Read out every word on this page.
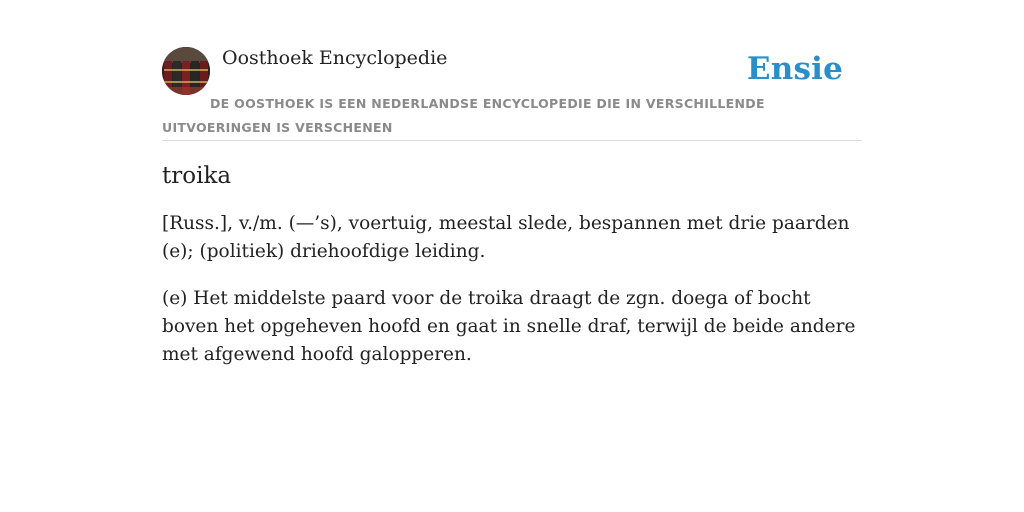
Oosthoek Encyclopedie	Ensie
DE OOSTHOEK IS EEN NEDERLANDSE ENCYCLOPEDIE DIE IN VERSCHILLENDE UITVOERINGEN IS VERSCHENEN
troika

[Russ.], v./m. (—’s), voertuig, meestal slede, bespannen met drie paarden (e); (politiek) driehoofdige leiding.

(e) Het middelste paard voor de troika draagt de zgn. doega of bocht boven het opgeheven hoofd en gaat in snelle draf, terwijl de beide andere met afgewend hoofd galopperen.
